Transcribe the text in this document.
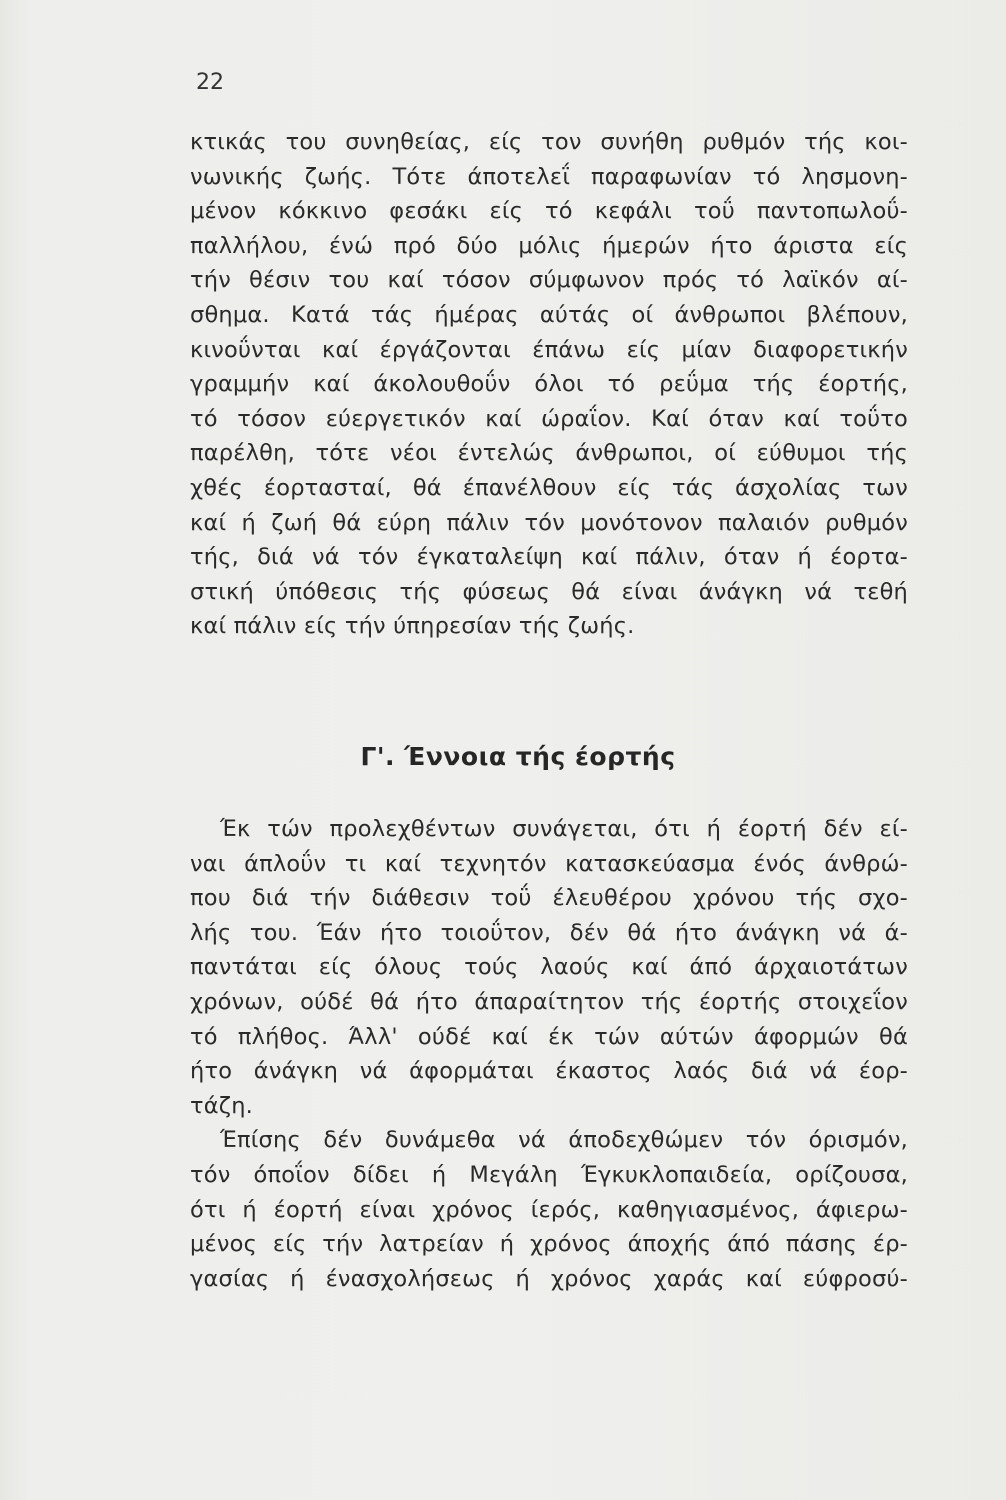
22
κτικάς του συνηθείας, είς τον συνήθη ρυθμόν τής κοι-
νωνικής ζωής. Τότε άποτελεΐ παραφωνίαν τό λησμονη-
μένον κόκκινο φεσάκι είς τό κεφάλι τοΰ παντοπωλοΰ-
παλλήλου, ένώ πρό δύο μόλις ήμερών ήτο άριστα είς
τήν θέσιν του καί τόσον σύμφωνον πρός τό λαϊκόν αί-
σθημα. Κατά τάς ήμέρας αύτάς οί άνθρωποι βλέπουν,
κινοΰνται καί έργάζονται έπάνω είς μίαν διαφορετικήν
γραμμήν καί άκολουθοΰν όλοι τό ρεΰμα τής έορτής,
τό τόσον εύεργετικόν καί ώραΐον. Καί όταν καί τοΰτο
παρέλθη, τότε νέοι έντελώς άνθρωποι, οί εύθυμοι τής
χθές έορτασταί, θά έπανέλθουν είς τάς άσχολίας των
καί ή ζωή θά εύρη πάλιν τόν μονότονον παλαιόν ρυθμόν
τής, διά νά τόν έγκαταλείψη καί πάλιν, όταν ή έορτα-
στική ύπόθεσις τής φύσεως θά είναι άνάγκη νά τεθή
καί πάλιν είς τήν ύπηρεσίαν τής ζωής.
Γ'. Έννοια τής έορτής
Έκ τών προλεχθέντων συνάγεται, ότι ή έορτή δέν εί-
ναι άπλοΰν τι καί τεχνητόν κατασκεύασμα ένός άνθρώ-
που διά τήν διάθεσιν τοΰ έλευθέρου χρόνου τής σχο-
λής του. Έάν ήτο τοιοΰτον, δέν θά ήτο άνάγκη νά ά-
παντάται είς όλους τούς λαούς καί άπό άρχαιοτάτων
χρόνων, ούδέ θά ήτο άπαραίτητον τής έορτής στοιχεΐον
τό πλήθος. Άλλ' ούδέ καί έκ τών αύτών άφορμών θά
ήτο άνάγκη νά άφορμάται έκαστος λαός διά νά έορ-
τάζη.
Έπίσης δέν δυνάμεθα νά άποδεχθώμεν τόν όρισμόν,
τόν όποΐον δίδει ή Μεγάλη Έγκυκλοπαιδεία, ορίζουσα,
ότι ή έορτή είναι χρόνος ίερός, καθηγιασμένος, άφιερω-
μένος είς τήν λατρείαν ή χρόνος άποχής άπό πάσης έρ-
γασίας ή ένασχολήσεως ή χρόνος χαράς καί εύφροσύ-
